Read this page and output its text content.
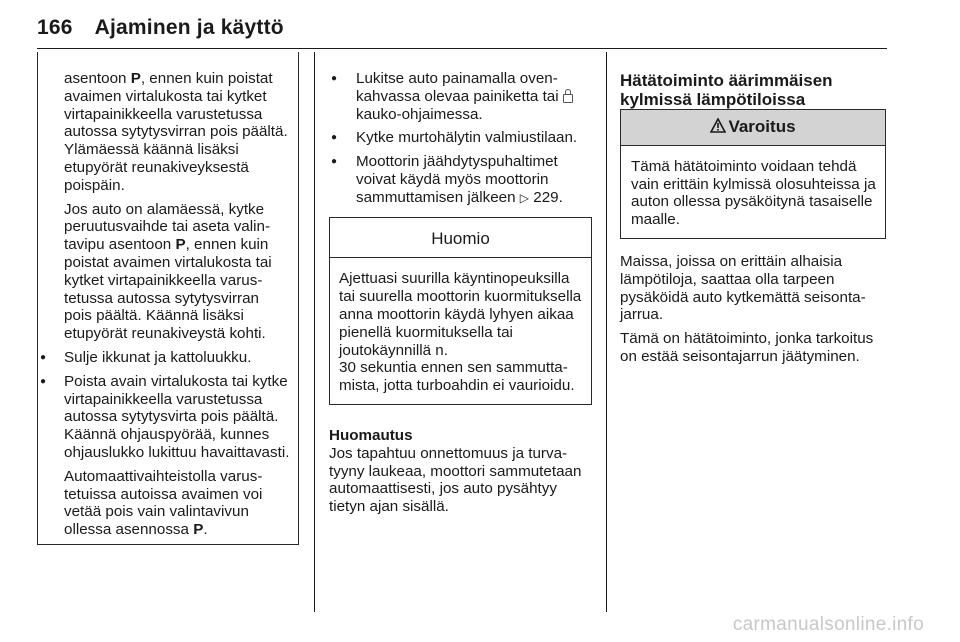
166 Ajaminen ja käyttö

asentoon P, ennen kuin poistat avaimen virtalukosta tai kytket virtapainikkeella varustetussa autossa sytytysvirran pois päältä. Ylämäessä käännä lisäksi etupyörät reunakiveyksestä poispäin.

Jos auto on alamäessä, kytke peruutusvaihde tai aseta valintavipu asentoon P, ennen kuin poistat avaimen virtalukosta tai kytket virtapainikkeella varustetussa autossa sytytysvirran pois päältä. Käännä lisäksi etupyörät reunakiveystä kohti.

● Sulje ikkunat ja kattoluukku.

● Poista avain virtalukosta tai kytke virtapainikkeella varustetussa autossa sytytysvirta pois päältä. Käännä ohjauspyörää, kunnes ohjauslukko lukittuu havaittavasti.

Automaattivaihteistolla varustetuissa autoissa avaimen voi vetää pois vain valintavivun ollessa asennossa P.

● Lukitse auto painamalla ovenkahvassa olevaa painiketta tai
kauko-ohjaimessa.

● Kytke murtohälytin valmiustilaan.

● Moottorin jäähdytyspuhaltimet voivat käydä myös moottorin sammuttamisen jälkeen ▷ 229.

Huomio

Ajettuasi suurilla käyntinopeuksilla tai suurella moottorin kuormituksella anna moottorin käydä lyhyen aikaa pienellä kuormituksella tai joutokäynnillä n.

30 sekuntia ennen sen sammuttamista, jotta turboahdin ei vaurioidu.

Huomautus

Jos tapahtuu onnettomuus ja turvatyyny laukeaa, moottori sammutetaan automaattisesti, jos auto pysähtyy tietyn ajan sisällä.

Hätätoiminto äärimmäisen kylmissä lämpötiloissa

Varoitus
Tämä hätätoiminto voidaan tehdä vain erittäin kylmissä olosuhteissa ja auton ollessa pysäköitynä tasaiselle maalle.

Maissa, joissa on erittäin alhaisia lämpötiloja, saattaa olla tarpeen pysäköidä auto kytkemättä seisontajarrua.

Tämä on hätätoiminto, jonka tarkoitus on estää seisontajarrun jäätyminen.

carmanualsonline.info
